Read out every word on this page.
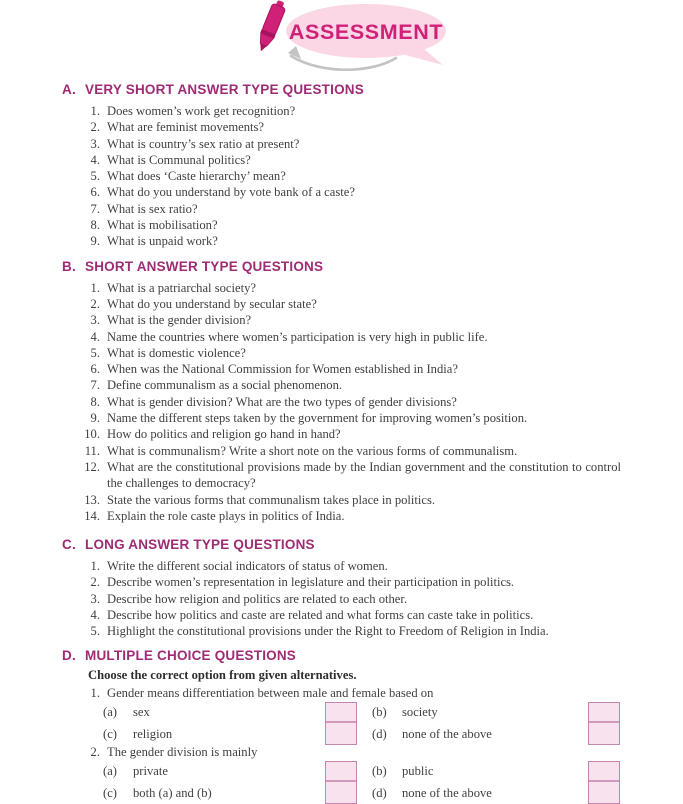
ASSESSMENT
A. VERY SHORT ANSWER TYPE QUESTIONS
Does women’s work get recognition?
What are feminist movements?
What is country’s sex ratio at present?
What is Communal politics?
What does ‘Caste hierarchy’ mean?
What do you understand by vote bank of a caste?
What is sex ratio?
What is mobilisation?
What is unpaid work?
B. SHORT ANSWER TYPE QUESTIONS
What is a patriarchal society?
What do you understand by secular state?
What is the gender division?
Name the countries where women’s participation is very high in public life.
What is domestic violence?
When was the National Commission for Women established in India?
Define communalism as a social phenomenon.
What is gender division? What are the two types of gender divisions?
Name the different steps taken by the government for improving women’s position.
How do politics and religion go hand in hand?
What is communalism? Write a short note on the various forms of communalism.
What are the constitutional provisions made by the Indian government and the constitution to control the challenges to democracy?
State the various forms that communalism takes place in politics.
Explain the role caste plays in politics of India.
C. LONG ANSWER TYPE QUESTIONS
Write the different social indicators of status of women.
Describe women’s representation in legislature and their participation in politics.
Describe how religion and politics are related to each other.
Describe how politics and caste are related and what forms can caste take in politics.
Highlight the constitutional provisions under the Right to Freedom of Religion in India.
D. MULTIPLE CHOICE QUESTIONS

Choose the correct option from given alternatives.

Gender means differentiation between male and female based on
(a)	sex	(b)	society
(c)	religion	(d)	none of the above
The gender division is mainly
(a)	private	(b)	public
(c)	both (a) and (b)	(d)	none of the above
